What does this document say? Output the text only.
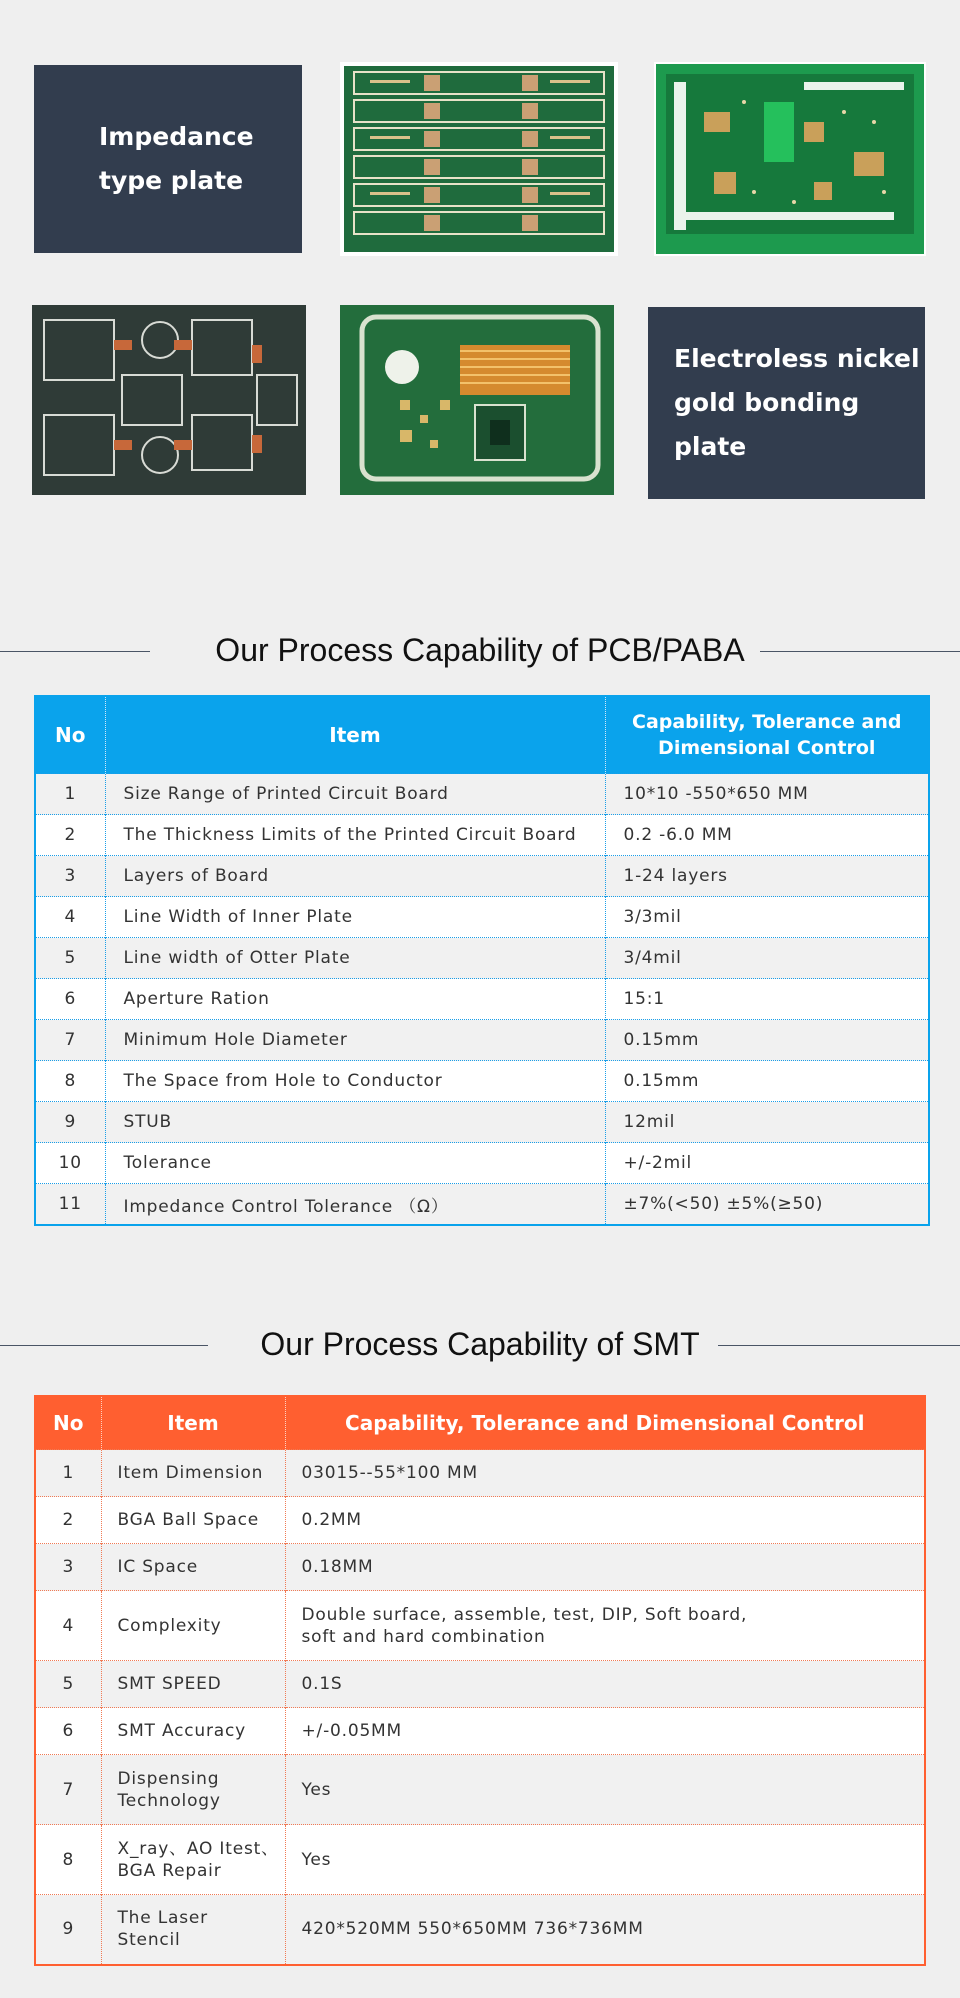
Impedance
type plate
Electroless nickel
gold bonding plate
Our Process Capability of PCB/PABA
No	Item	Capability, Tolerance and
Dimensional Control

1	Size Range of Printed Circuit Board	10*10 -550*650 MM
2	The Thickness Limits of the Printed Circuit Board	0.2 -6.0 MM
3	Layers of Board	1-24 layers
4	Line Width of Inner Plate	3/3mil
5	Line width of Otter Plate	3/4mil
6	Aperture Ration	15:1
7	Minimum Hole Diameter	0.15mm
8	The Space from Hole to Conductor	0.15mm
9	STUB	12mil
10	Tolerance	+/-2mil
11	Impedance Control Tolerance （Ω）	±7%(<50) ±5%(≥50)
Our Process Capability of SMT
No	Item	Capability, Tolerance and Dimensional Control
1	Item Dimension	03015--55*100 MM

2	BGA Ball Space	0.2MM

3	IC Space	0.18MM

4	Complexity	Double surface, assemble, test, DIP, Soft board,
soft and hard combination

5	SMT SPEED	0.1S

6	SMT Accuracy	+/-0.05MM

7	Dispensing
Technology	Yes

8	X_ray、AO Itest、
BGA Repair	Yes

9	The Laser
Stencil	420*520MM 550*650MM 736*736MM
